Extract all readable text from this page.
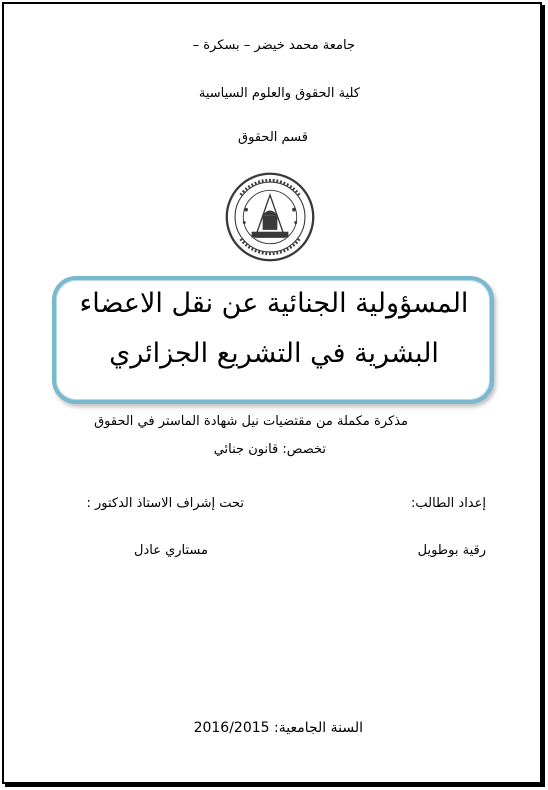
جامعة محمد خيضر – بسكرة –
كلية الحقوق والعلوم السياسية
قسم الحقوق
المسؤولية الجنائية عن نقل الاعضاء
البشرية في التشريع الجزائري
مذكرة مكملة من مقتضيات نيل شهادة الماستر في الحقوق
تخصص: قانون جنائي
إعداد الطالب:
تحت إشراف الاستاذ الدكتور :
رقية بوطويل
مستاري عادل
السنة الجامعية: 2016/2015
